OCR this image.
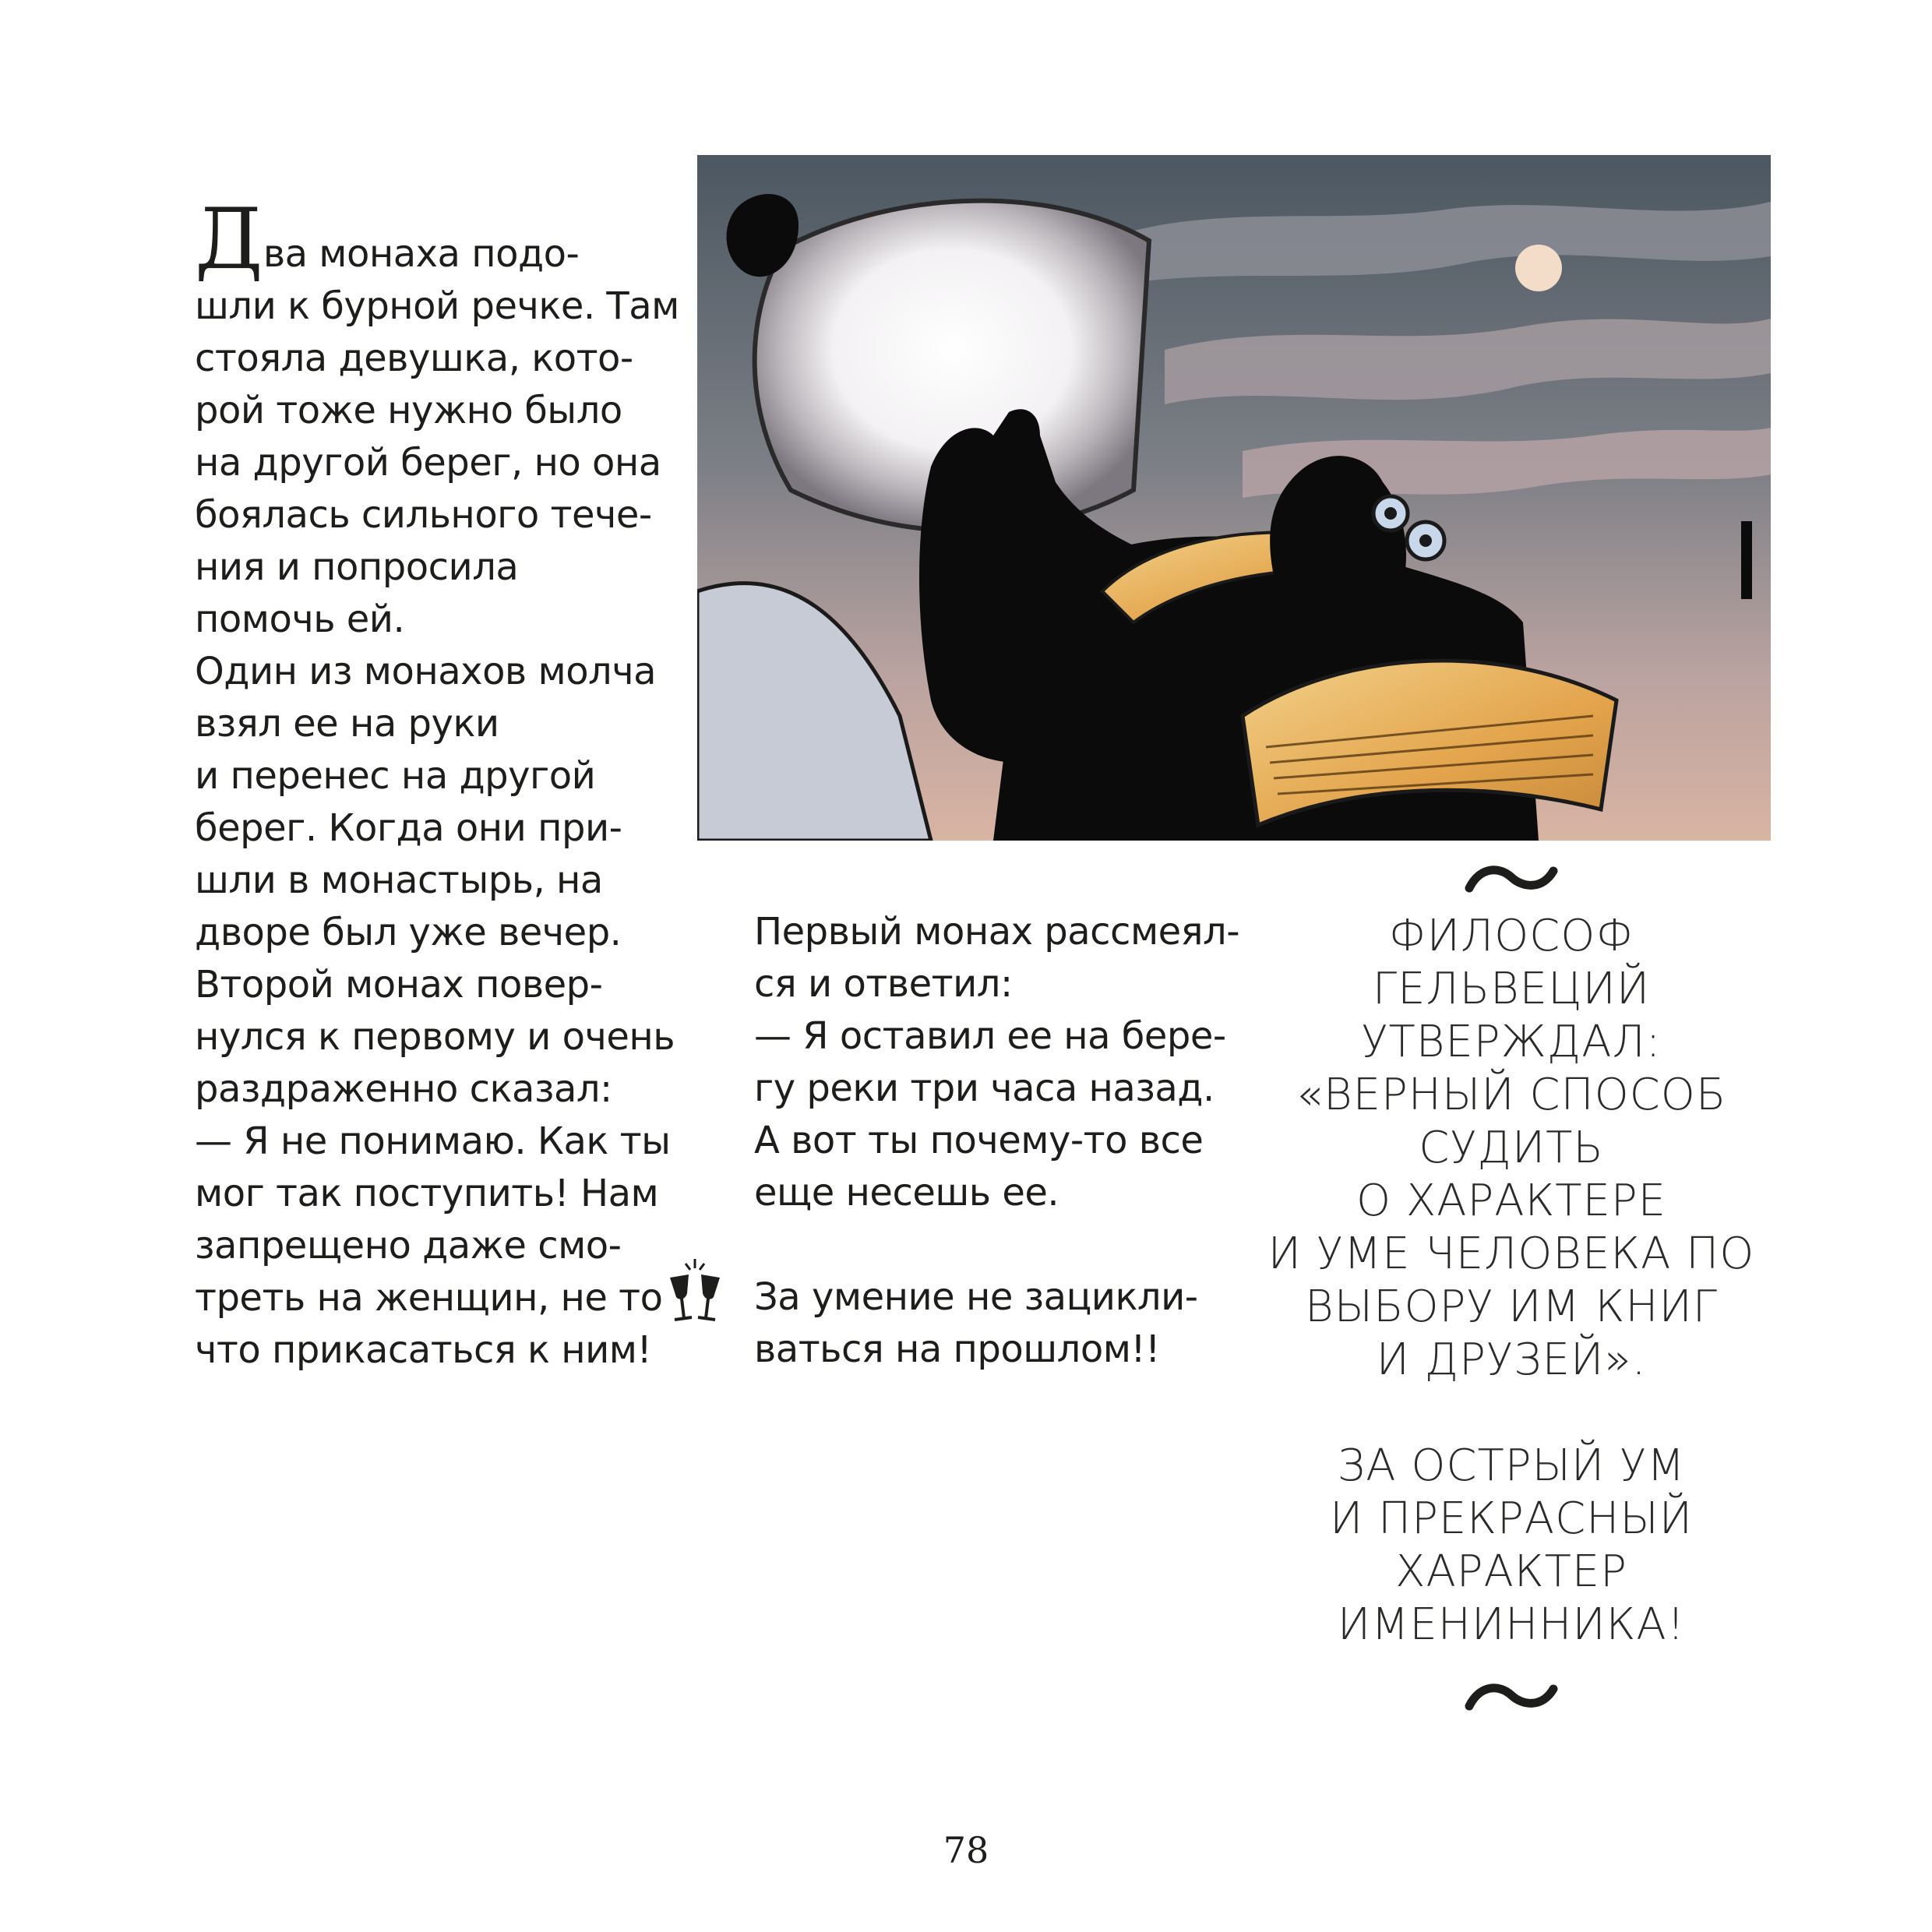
Два монаха подо-
шли к бурной речке. Там
стояла девушка, кото-
рой тоже нужно было
на другой берег, но она
боялась сильного тече-
ния и попросила
помочь ей.
Один из монахов молча
взял ее на руки
и перенес на другой
берег. Когда они при-
шли в монастырь, на
дворе был уже вечер.
Второй монах повер-
нулся к первому и очень
раздраженно сказал:
— Я не понимаю. Как ты
мог так поступить! Нам
запрещено даже смо-
треть на женщин, не то
что прикасаться к ним!
Первый монах рассмеял-
ся и ответил:
— Я оставил ее на бере-
гу реки три часа назад.
А вот ты почему-то все
еще несешь ее.
За умение не зацикли-
ваться на прошлом!!
ФИЛОСОФ
ГЕЛЬВЕЦИЙ
УТВЕРЖДАЛ:
«ВЕРНЫЙ СПОСОБ
СУДИТЬ
О ХАРАКТЕРЕ
И УМЕ ЧЕЛОВЕКА ПО
ВЫБОРУ ИМ КНИГ
И ДРУЗЕЙ».
ЗА ОСТРЫЙ УМ
И ПРЕКРАСНЫЙ
ХАРАКТЕР
ИМЕНИННИКА!
78
